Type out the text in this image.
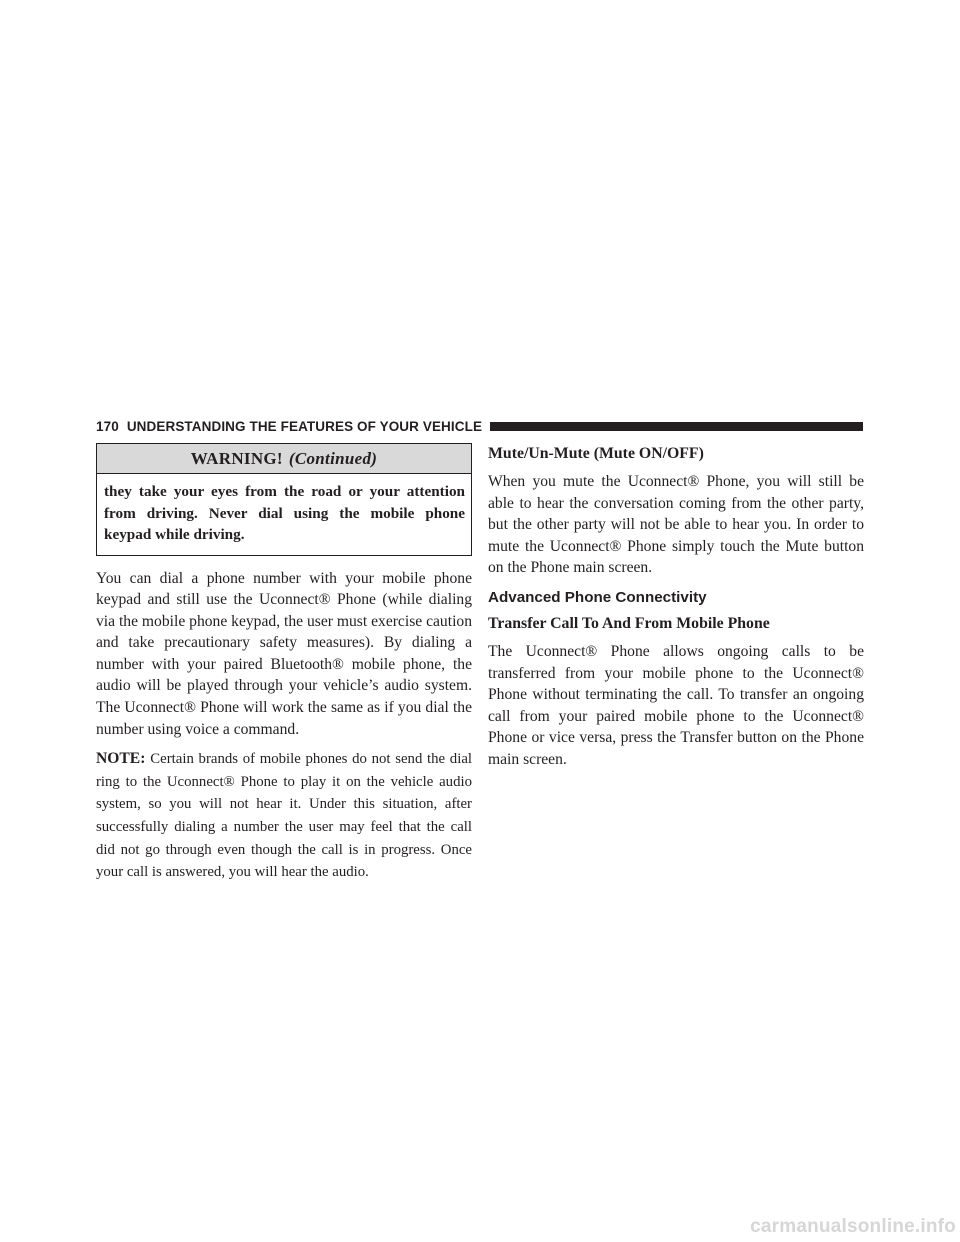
170 UNDERSTANDING THE FEATURES OF YOUR VEHICLE
WARNING! (Continued)
they take your eyes from the road or your attention from driving. Never dial using the mobile phone keypad while driving.

You can dial a phone number with your mobile phone keypad and still use the Uconnect® Phone (while dialing via the mobile phone keypad, the user must exercise caution and take precautionary safety measures). By dialing a number with your paired Bluetooth® mobile phone, the audio will be played through your vehicle’s audio system. The Uconnect® Phone will work the same as if you dial the number using voice a command.

NOTE: Certain brands of mobile phones do not send the dial ring to the Uconnect® Phone to play it on the vehicle audio system, so you will not hear it. Under this situation, after successfully dialing a number the user may feel that the call did not go through even though the call is in progress. Once your call is answered, you will hear the audio.

Mute/Un-Mute (Mute ON/OFF)

When you mute the Uconnect® Phone, you will still be able to hear the conversation coming from the other party, but the other party will not be able to hear you. In order to mute the Uconnect® Phone simply touch the Mute button on the Phone main screen.

Advanced Phone Connectivity
Transfer Call To And From Mobile Phone

The Uconnect® Phone allows ongoing calls to be transferred from your mobile phone to the Uconnect® Phone without terminating the call. To transfer an ongoing call from your paired mobile phone to the Uconnect® Phone or vice versa, press the Transfer button on the Phone main screen.

carmanualsonline.info
